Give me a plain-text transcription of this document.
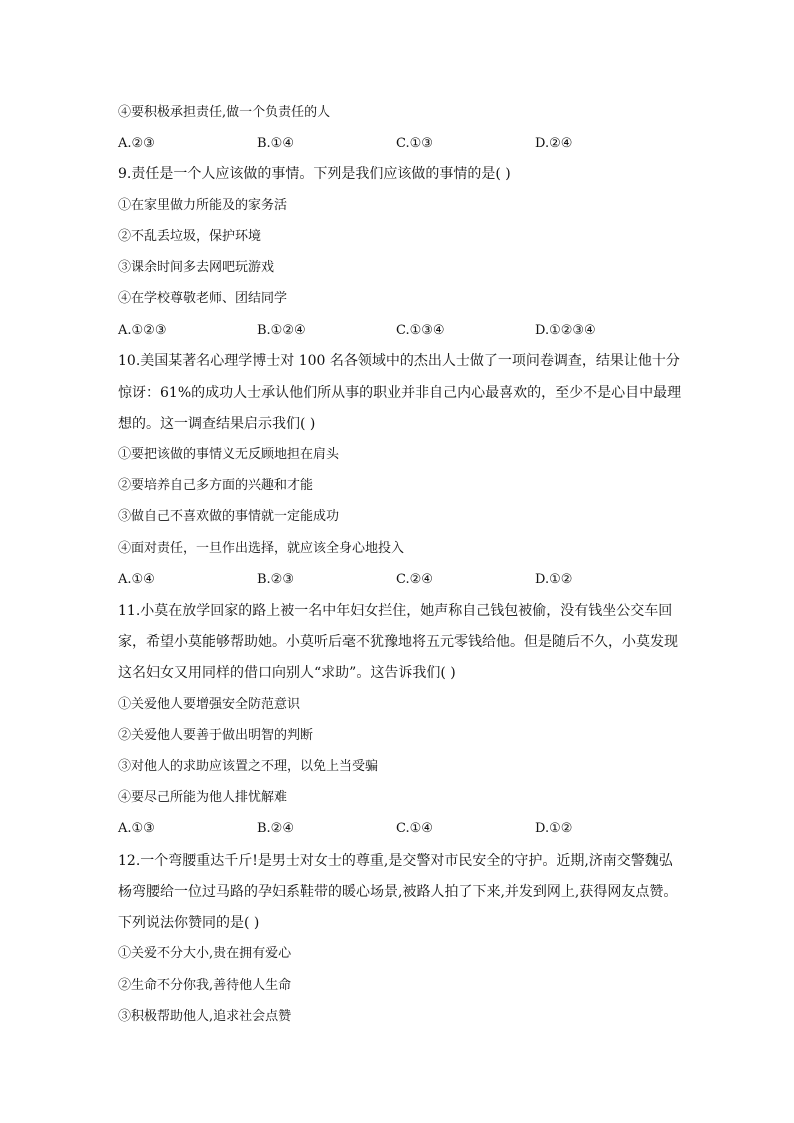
④要积极承担责任,做一个负责任的人
A.②③	B.①④	C.①③	D.②④
9.责任是一个人应该做的事情。下列是我们应该做的事情的是( )
①在家里做力所能及的家务活
②不乱丢垃圾，保护环境
③课余时间多去网吧玩游戏
④在学校尊敬老师、团结同学
A.①②③	B.①②④	C.①③④	D.①②③④
10.美国某著名心理学博士对 100 名各领域中的杰出人士做了一项问卷调查，结果让他十分
惊讶：61%的成功人士承认他们所从事的职业并非自己内心最喜欢的，至少不是心目中最理
想的。这一调查结果启示我们( )
①要把该做的事情义无反顾地担在肩头
②要培养自己多方面的兴趣和才能
③做自己不喜欢做的事情就一定能成功
④面对责任，一旦作出选择，就应该全身心地投入
A.①④	B.②③	C.②④	D.①②
11.小莫在放学回家的路上被一名中年妇女拦住，她声称自己钱包被偷，没有钱坐公交车回
家，希望小莫能够帮助她。小莫听后毫不犹豫地将五元零钱给他。但是随后不久，小莫发现
这名妇女又用同样的借口向别人“求助”。这告诉我们( )
①关爱他人要增强安全防范意识
②关爱他人要善于做出明智的判断
③对他人的求助应该置之不理，以免上当受骗
④要尽己所能为他人排忧解难
A.①③	B.②④	C.①④	D.①②
12.一个弯腰重达千斤!是男士对女士的尊重,是交警对市民安全的守护。近期,济南交警魏弘
杨弯腰给一位过马路的孕妇系鞋带的暖心场景,被路人拍了下来,并发到网上,获得网友点赞。
下列说法你赞同的是( )
①关爱不分大小,贵在拥有爱心
②生命不分你我,善待他人生命
③积极帮助他人,追求社会点赞
